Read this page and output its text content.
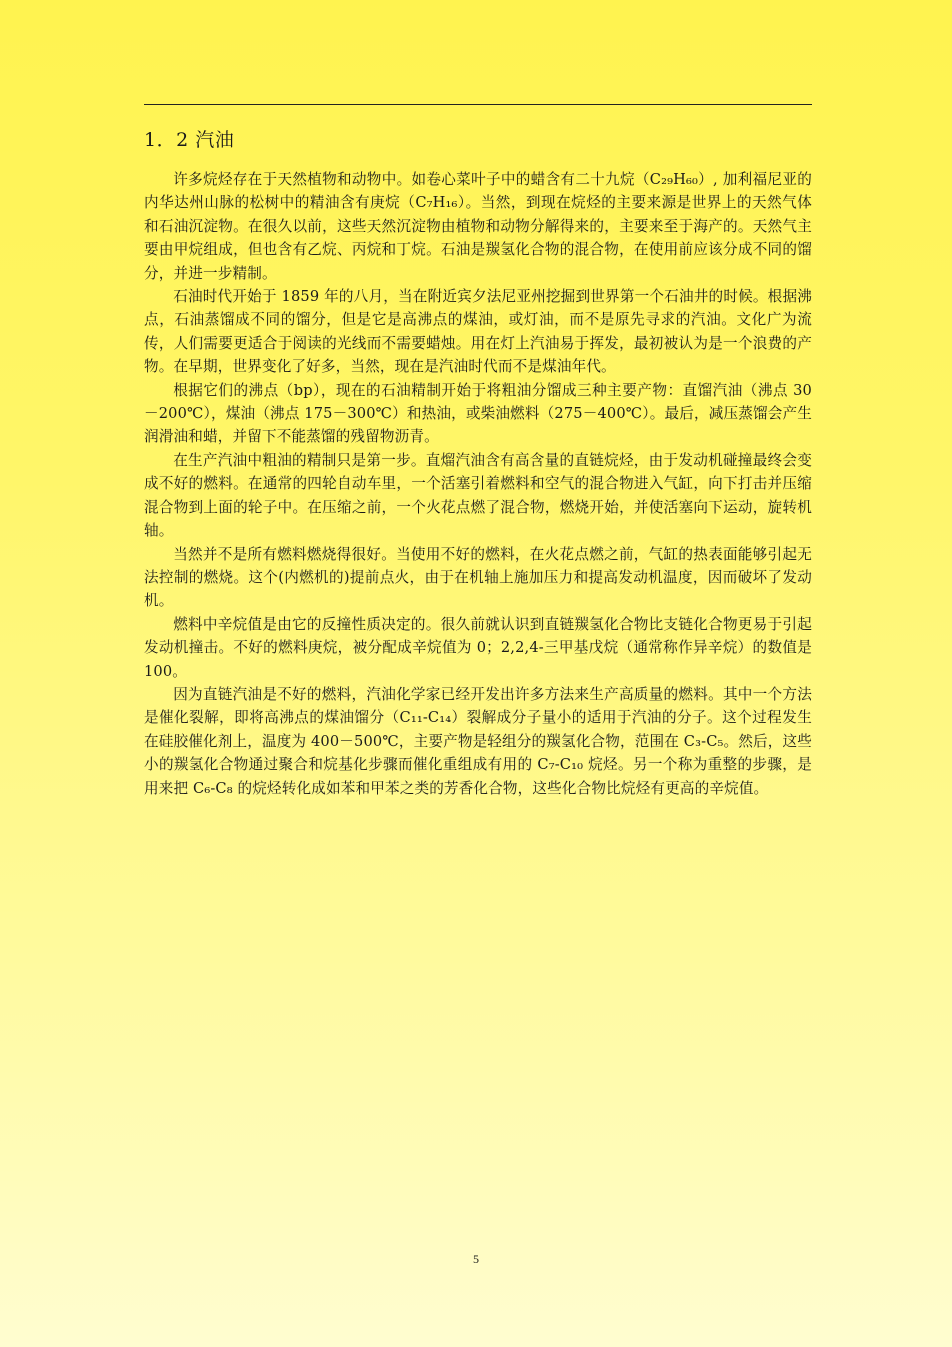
1．2 汽油

许多烷烃存在于天然植物和动物中。如卷心菜叶子中的蜡含有二十九烷（C₂₉H₆₀）, 加利福尼亚的内华达州山脉的松树中的精油含有庚烷（C₇H₁₆）。当然，到现在烷烃的主要来源是世界上的天然气体和石油沉淀物。在很久以前，这些天然沉淀物由植物和动物分解得来的，主要来至于海产的。天然气主要由甲烷组成，但也含有乙烷、丙烷和丁烷。石油是羰氢化合物的混合物，在使用前应该分成不同的馏分，并进一步精制。

石油时代开始于 1859 年的八月，当在附近宾夕法尼亚州挖掘到世界第一个石油井的时候。根据沸点，石油蒸馏成不同的馏分，但是它是高沸点的煤油，或灯油，而不是原先寻求的汽油。文化广为流传，人们需要更适合于阅读的光线而不需要蜡烛。用在灯上汽油易于挥发，最初被认为是一个浪费的产物。在早期，世界变化了好多，当然，现在是汽油时代而不是煤油年代。

根据它们的沸点（bp），现在的石油精制开始于将粗油分馏成三种主要产物：直馏汽油（沸点 30－200℃），煤油（沸点 175－300℃）和热油，或柴油燃料（275－400℃）。最后，减压蒸馏会产生润滑油和蜡，并留下不能蒸馏的残留物沥青。

在生产汽油中粗油的精制只是第一步。直熘汽油含有高含量的直链烷烃，由于发动机碰撞最终会变成不好的燃料。在通常的四轮自动车里，一个活塞引着燃料和空气的混合物进入气缸，向下打击并压缩混合物到上面的轮子中。在压缩之前，一个火花点燃了混合物，燃烧开始，并使活塞向下运动，旋转机轴。

当然并不是所有燃料燃烧得很好。当使用不好的燃料，在火花点燃之前，气缸的热表面能够引起无法控制的燃烧。这个(内燃机的)提前点火，由于在机轴上施加压力和提高发动机温度，因而破坏了发动机。

燃料中辛烷值是由它的反撞性质决定的。很久前就认识到直链羰氢化合物比支链化合物更易于引起发动机撞击。不好的燃料庚烷，被分配成辛烷值为 0；2,2,4-三甲基戊烷（通常称作异辛烷）的数值是 100。

因为直链汽油是不好的燃料，汽油化学家已经开发出许多方法来生产高质量的燃料。其中一个方法是催化裂解，即将高沸点的煤油馏分（C₁₁-C₁₄）裂解成分子量小的适用于汽油的分子。这个过程发生在硅胶催化剂上，温度为 400－500℃，主要产物是轻组分的羰氢化合物，范围在 C₃-C₅。然后，这些小的羰氢化合物通过聚合和烷基化步骤而催化重组成有用的 C₇-C₁₀ 烷烃。另一个称为重整的步骤，是用来把 C₆-C₈ 的烷烃转化成如苯和甲苯之类的芳香化合物，这些化合物比烷烃有更高的辛烷值。

5
